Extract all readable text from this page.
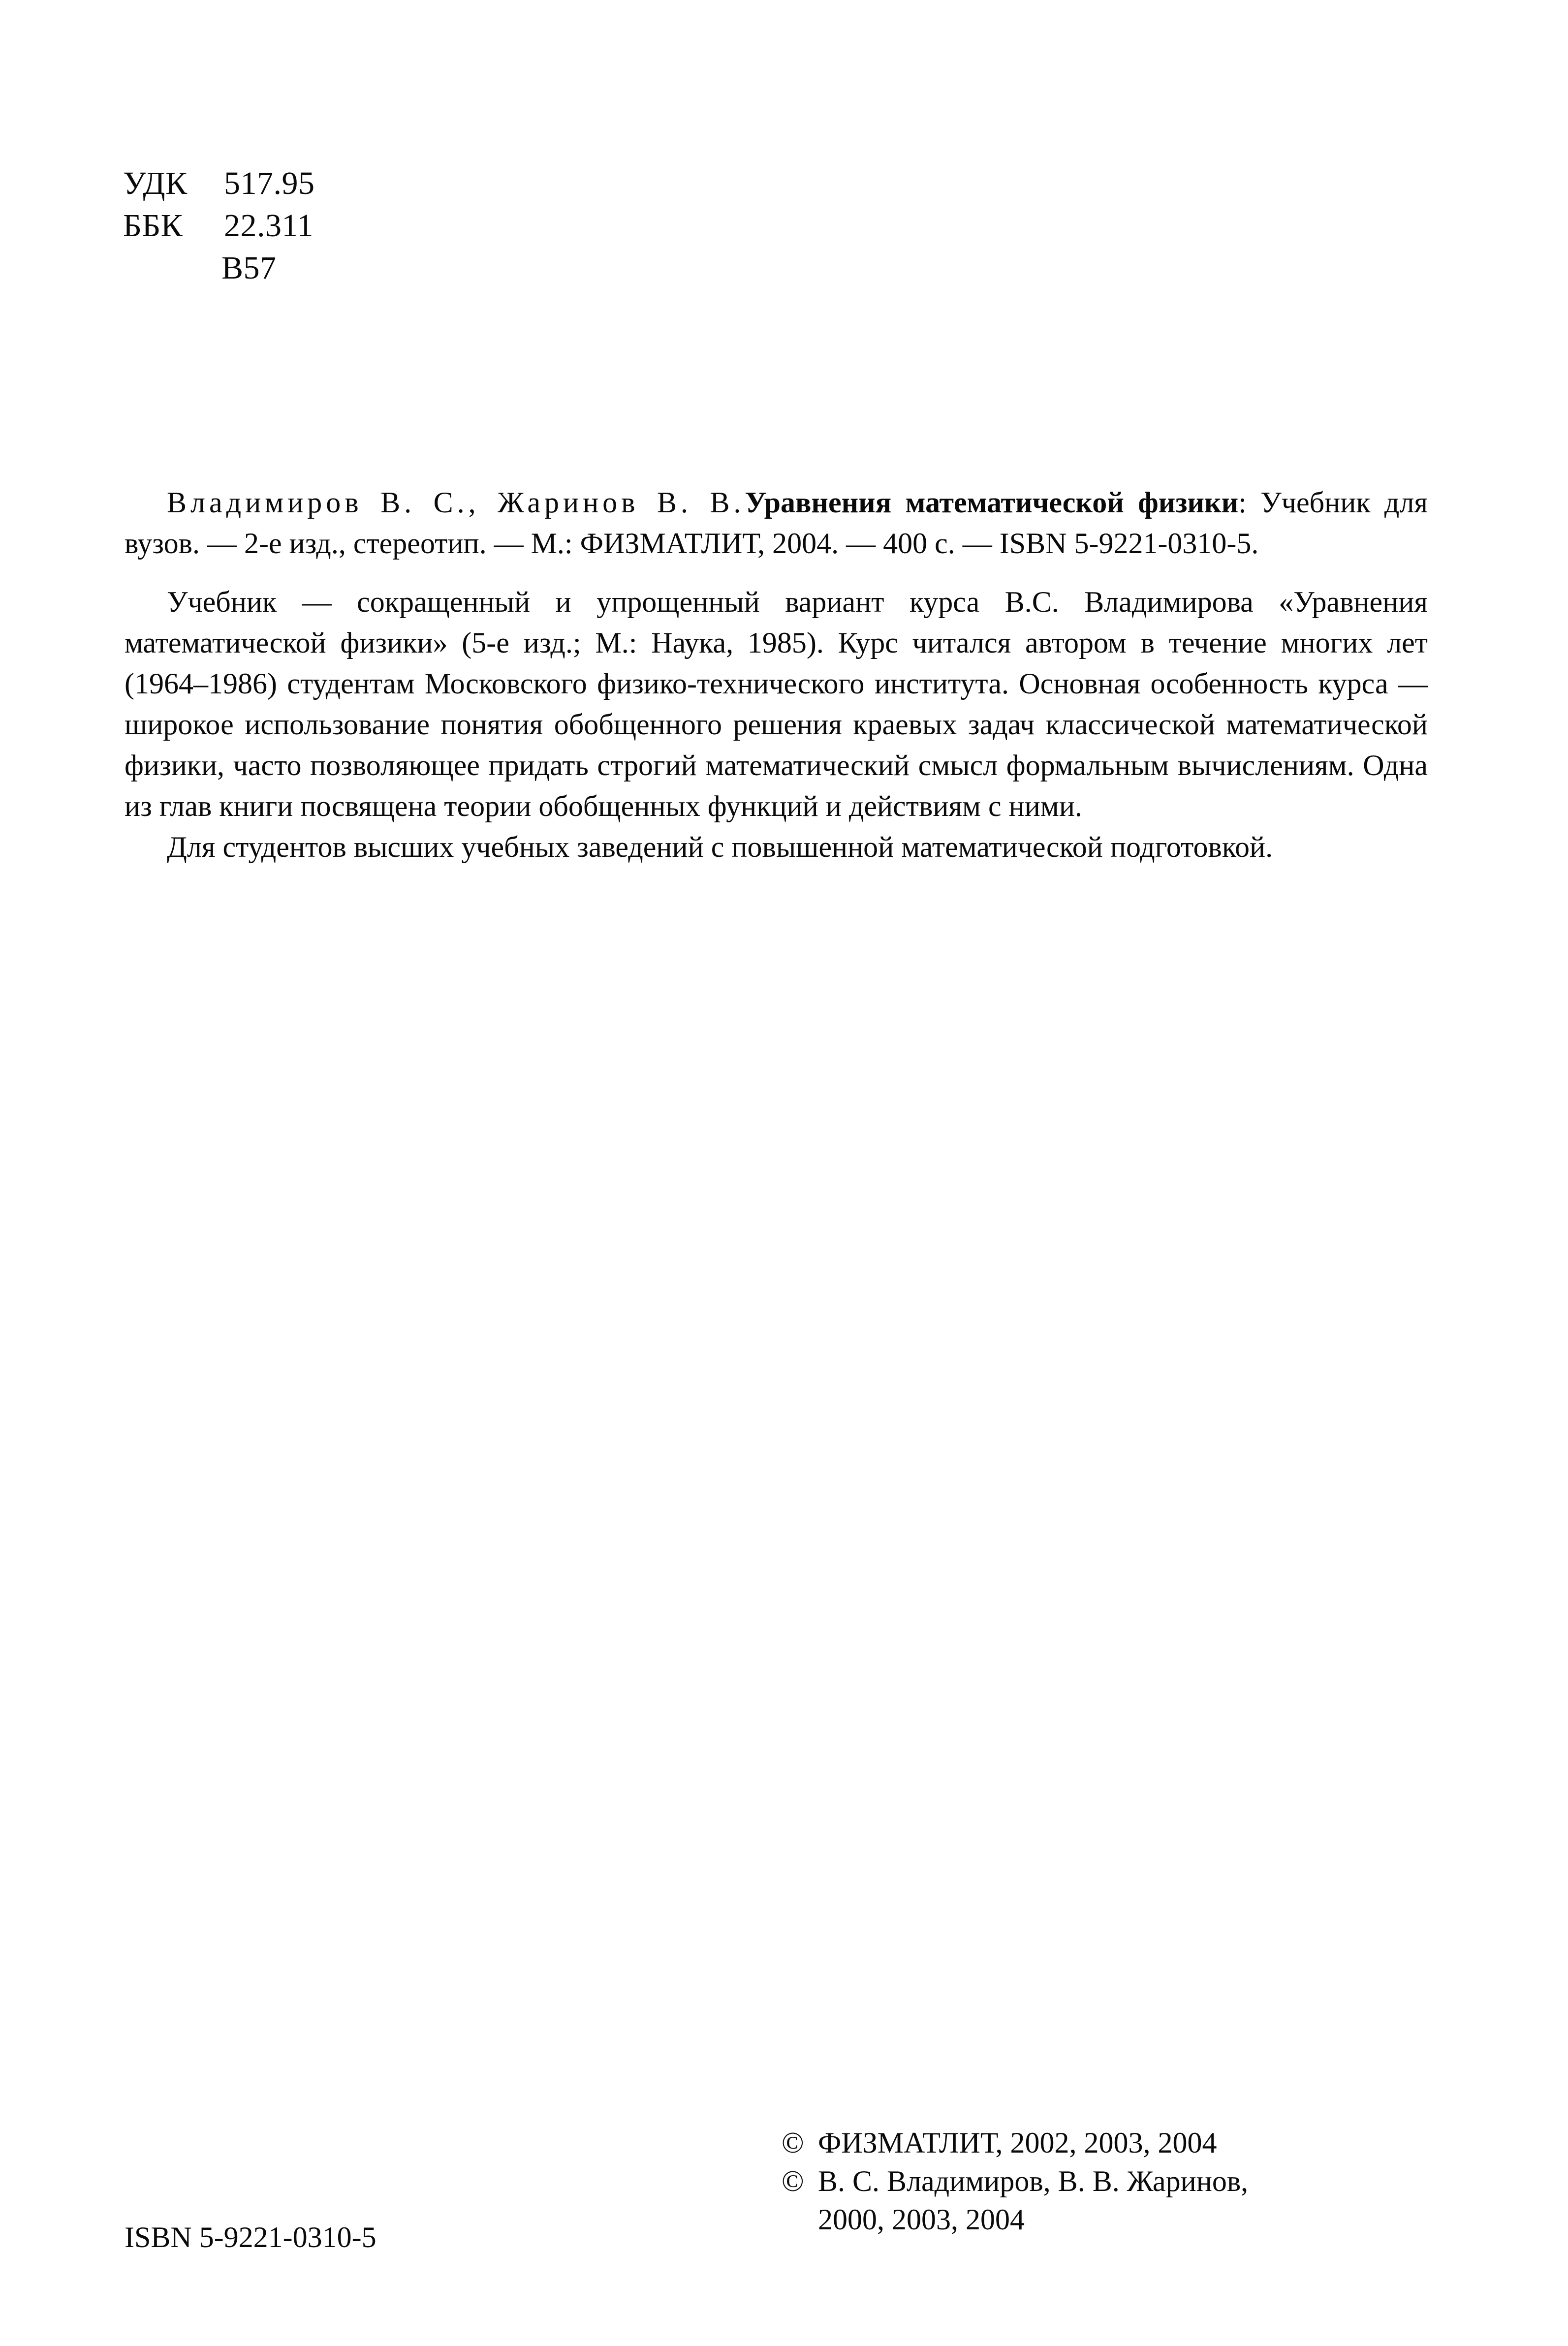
УДК	517.95
ББК	22.311
В57

Владимиров В. С., Жаринов В. В.Уравнения математической физики: Учебник для вузов. — 2-е изд., стереотип. — М.: ФИЗМАТЛИТ, 2004. — 400 с. — ISBN 5-9221-0310-5.

Учебник — сокращенный и упрощенный вариант курса В.С. Владимирова «Уравнения математической физики» (5-е изд.; М.: Наука, 1985). Курс читался автором в течение многих лет (1964–1986) студентам Московского физико-технического института. Основная особенность курса — широкое использование понятия обобщенного решения краевых задач классической математической физики, часто позволяющее придать строгий математический смысл формальным вычислениям. Одна из глав книги посвящена теории обобщенных функций и действиям с ними.

Для студентов высших учебных заведений с повышенной математической подготовкой.

ISBN 5-9221-0310-5
© ФИЗМАТЛИТ, 2002, 2003, 2004
© В. С. Владимиров, В. В. Жаринов,
2000, 2003, 2004
